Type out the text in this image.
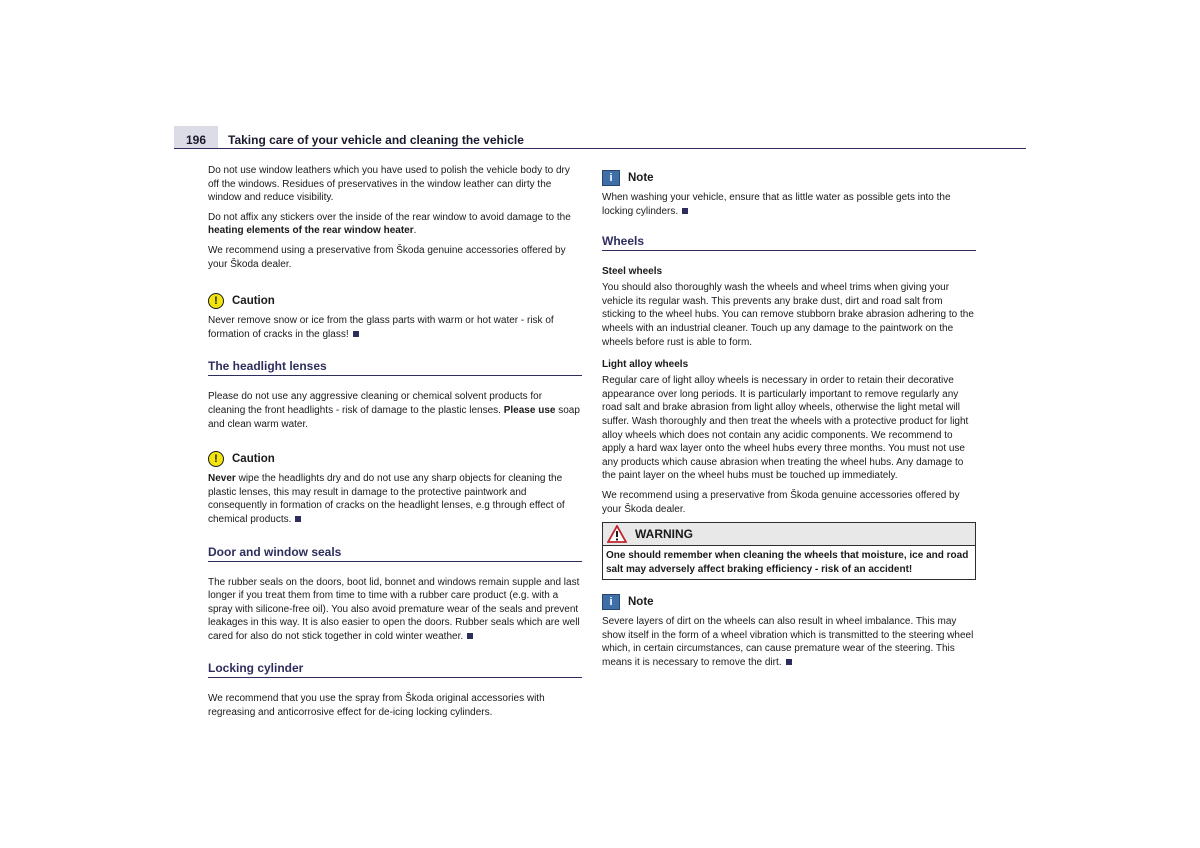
196	Taking care of your vehicle and cleaning the vehicle

Do not use window leathers which you have used to polish the vehicle body to dry off the windows. Residues of preservatives in the window leather can dirty the window and reduce visibility.

Do not affix any stickers over the inside of the rear window to avoid damage to the heating elements of the rear window heater.

We recommend using a preservative from Škoda genuine accessories offered by your Škoda dealer.

!	Caution

Never remove snow or ice from the glass parts with warm or hot water - risk of formation of cracks in the glass!

The headlight lenses

Please do not use any aggressive cleaning or chemical solvent products for cleaning the front headlights - risk of damage to the plastic lenses. Please use soap and clean warm water.

!	Caution

Never wipe the headlights dry and do not use any sharp objects for cleaning the plastic lenses, this may result in damage to the protective paintwork and consequently in formation of cracks on the headlight lenses, e.g through effect of chemical products.

Door and window seals

The rubber seals on the doors, boot lid, bonnet and windows remain supple and last longer if you treat them from time to time with a rubber care product (e.g. with a spray with silicone-free oil). You also avoid premature wear of the seals and prevent leakages in this way. It is also easier to open the doors. Rubber seals which are well cared for also do not stick together in cold winter weather.

Locking cylinder

We recommend that you use the spray from Škoda original accessories with regreasing and anticorrosive effect for de-icing locking cylinders.

i	Note

When washing your vehicle, ensure that as little water as possible gets into the locking cylinders.

Wheels
Steel wheels

You should also thoroughly wash the wheels and wheel trims when giving your vehicle its regular wash. This prevents any brake dust, dirt and road salt from sticking to the wheel hubs. You can remove stubborn brake abrasion adhering to the wheels with an industrial cleaner. Touch up any damage to the paintwork on the wheels before rust is able to form.

Light alloy wheels

Regular care of light alloy wheels is necessary in order to retain their decorative appearance over long periods. It is particularly important to remove regularly any road salt and brake abrasion from light alloy wheels, otherwise the light metal will suffer. Wash thoroughly and then treat the wheels with a protective product for light alloy wheels which does not contain any acidic components. We recommend to apply a hard wax layer onto the wheel hubs every three months. You must not use any products which cause abrasion when treating the wheel hubs. Any damage to the paint layer on the wheel hubs must be touched up immediately.

We recommend using a preservative from Škoda genuine accessories offered by your Škoda dealer.

WARNING
One should remember when cleaning the wheels that moisture, ice and road salt may adversely affect braking efficiency - risk of an accident!
i	Note

Severe layers of dirt on the wheels can also result in wheel imbalance. This may show itself in the form of a wheel vibration which is transmitted to the steering wheel which, in certain circumstances, can cause premature wear of the steering. This means it is necessary to remove the dirt.
